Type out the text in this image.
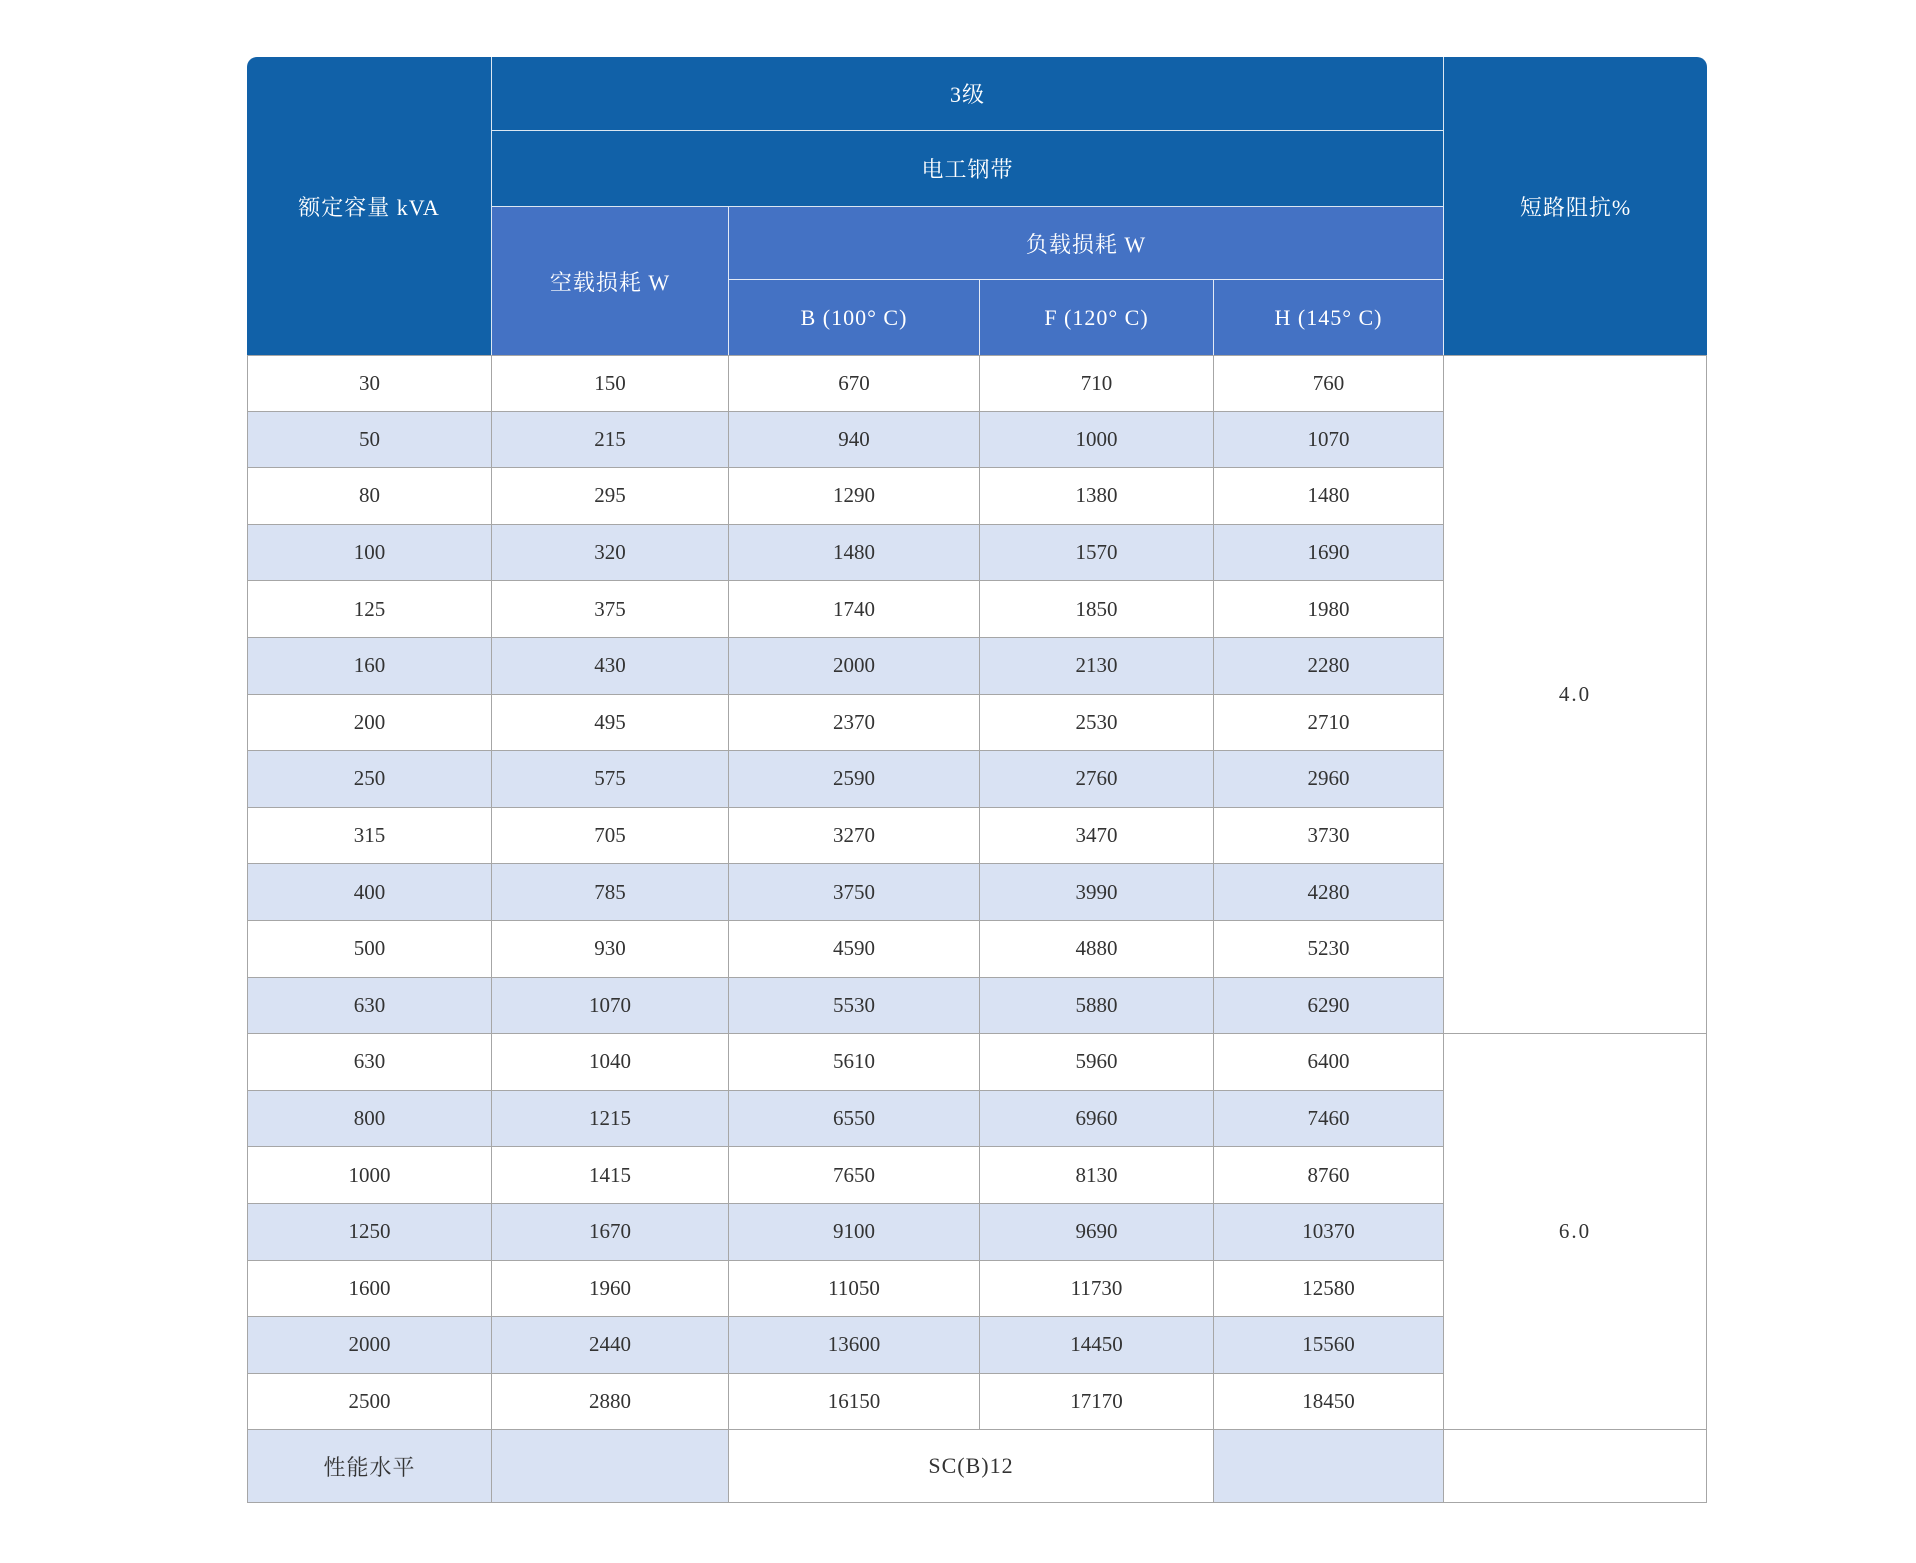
额定容量 kVA	3级				短路阻抗%
	电工钢带				
	空载损耗 W	负载损耗 W			
		B (100° C)	F (120° C)	H (145° C)	
30	150	670	710	760	4.0
50	215	940	1000	1070	
80	295	1290	1380	1480	
100	320	1480	1570	1690	
125	375	1740	1850	1980	
160	430	2000	2130	2280	
200	495	2370	2530	2710	
250	575	2590	2760	2960	
315	705	3270	3470	3730	
400	785	3750	3990	4280	
500	930	4590	4880	5230	
630	1070	5530	5880	6290	
630	1040	5610	5960	6400	6.0
800	1215	6550	6960	7460	
1000	1415	7650	8130	8760	
1250	1670	9100	9690	10370	
1600	1960	11050	11730	12580	
2000	2440	13600	14450	15560	
2500	2880	16150	17170	18450	
性能水平		SC(B)12			
